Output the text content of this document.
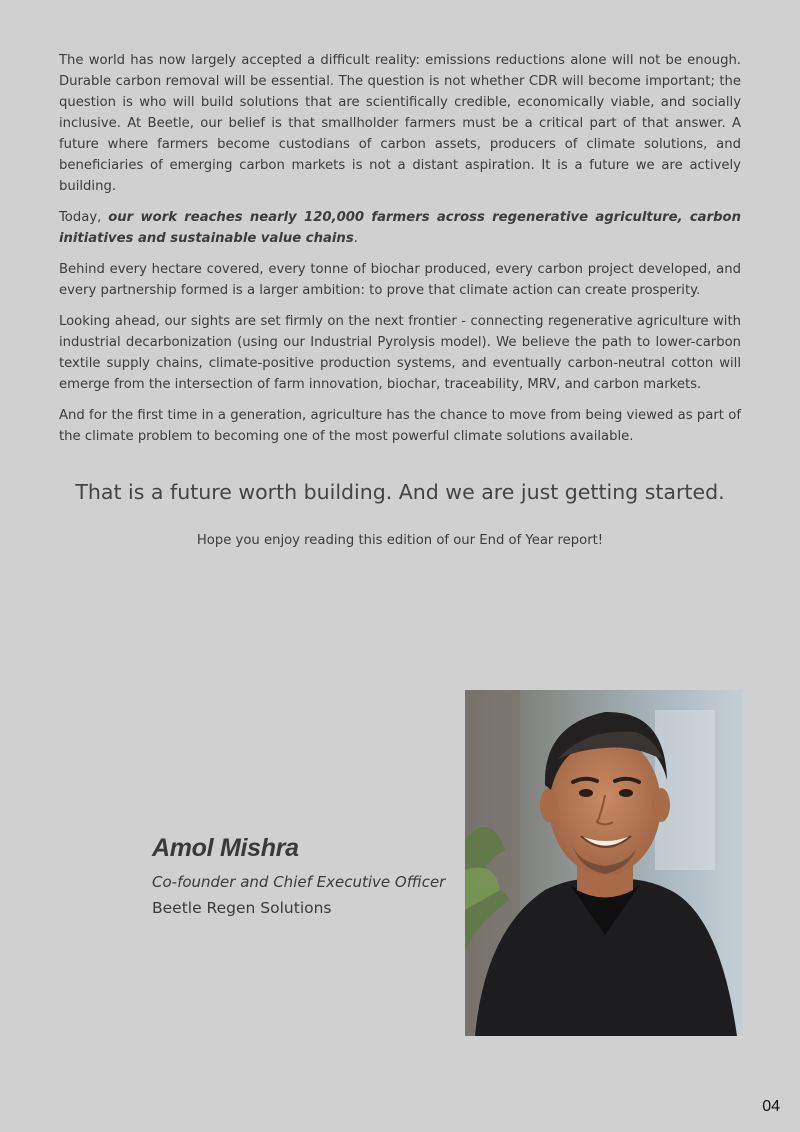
The world has now largely accepted a difficult reality: emissions reductions alone will not be enough. Durable carbon removal will be essential. The question is not whether CDR will become important; the question is who will build solutions that are scientifically credible, economically viable, and socially inclusive. At Beetle, our belief is that smallholder farmers must be a critical part of that answer. A future where farmers become custodians of carbon assets, producers of climate solutions, and beneficiaries of emerging carbon markets is not a distant aspiration. It is a future we are actively building.

Today, our work reaches nearly 120,000 farmers across regenerative agriculture, carbon initiatives and sustainable value chains.

Behind every hectare covered, every tonne of biochar produced, every carbon project developed, and every partnership formed is a larger ambition: to prove that climate action can create prosperity.

Looking ahead, our sights are set firmly on the next frontier - connecting regenerative agriculture with industrial decarbonization (using our Industrial Pyrolysis model). We believe the path to lower-carbon textile supply chains, climate-positive production systems, and eventually carbon-neutral cotton will emerge from the intersection of farm innovation, biochar, traceability, MRV, and carbon markets.

And for the first time in a generation, agriculture has the chance to move from being viewed as part of the climate problem to becoming one of the most powerful climate solutions available.

That is a future worth building. And we are just getting started.
Hope you enjoy reading this edition of our End of Year report!
Amol Mishra
Co-founder and Chief Executive Officer
Beetle Regen Solutions
04
